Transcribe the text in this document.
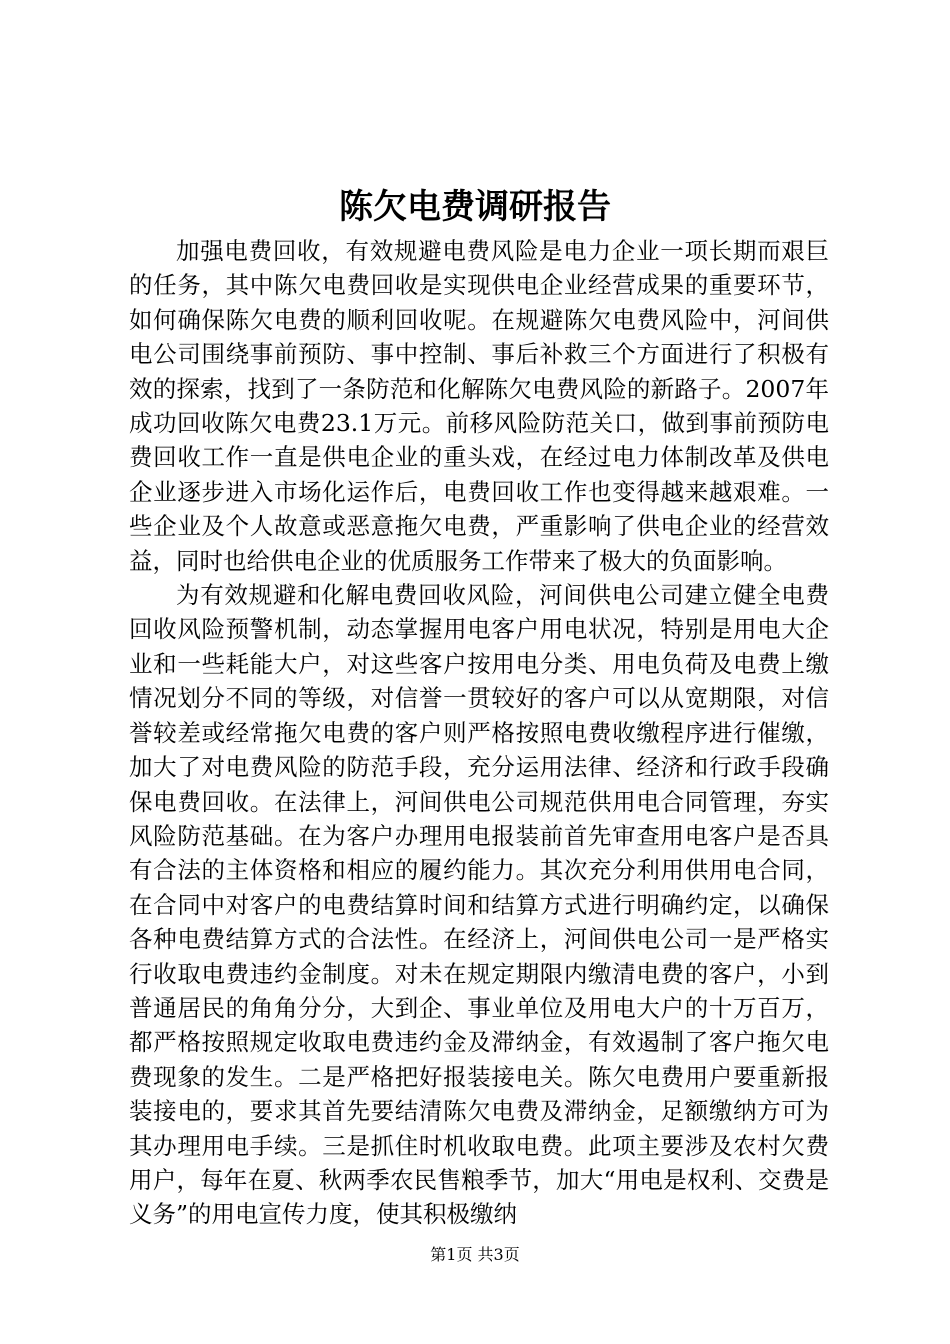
陈欠电费调研报告

加强电费回收，有效规避电费风险是电力企业一项长期而艰巨的任务，其中陈欠电费回收是实现供电企业经营成果的重要环节，如何确保陈欠电费的顺利回收呢。在规避陈欠电费风险中，河间供电公司围绕事前预防、事中控制、事后补救三个方面进行了积极有效的探索，找到了一条防范和化解陈欠电费风险的新路子。2007年成功回收陈欠电费23.1万元。前移风险防范关口，做到事前预防电费回收工作一直是供电企业的重头戏，在经过电力体制改革及供电企业逐步进入市场化运作后，电费回收工作也变得越来越艰难。一些企业及个人故意或恶意拖欠电费，严重影响了供电企业的经营效益，同时也给供电企业的优质服务工作带来了极大的负面影响。

为有效规避和化解电费回收风险，河间供电公司建立健全电费回收风险预警机制，动态掌握用电客户用电状况，特别是用电大企业和一些耗能大户，对这些客户按用电分类、用电负荷及电费上缴情况划分不同的等级，对信誉一贯较好的客户可以从宽期限，对信誉较差或经常拖欠电费的客户则严格按照电费收缴程序进行催缴，加大了对电费风险的防范手段，充分运用法律、经济和行政手段确保电费回收。在法律上，河间供电公司规范供用电合同管理，夯实风险防范基础。在为客户办理用电报装前首先审查用电客户是否具有合法的主体资格和相应的履约能力。其次充分利用供用电合同，在合同中对客户的电费结算时间和结算方式进行明确约定，以确保各种电费结算方式的合法性。在经济上，河间供电公司一是严格实行收取电费违约金制度。对未在规定期限内缴清电费的客户，小到普通居民的角角分分，大到企、事业单位及用电大户的十万百万，都严格按照规定收取电费违约金及滞纳金，有效遏制了客户拖欠电费现象的发生。二是严格把好报装接电关。陈欠电费用户要重新报装接电的，要求其首先要结清陈欠电费及滞纳金，足额缴纳方可为其办理用电手续。三是抓住时机收取电费。此项主要涉及农村欠费用户，每年在夏、秋两季农民售粮季节，加大“用电是权利、交费是义务”的用电宣传力度，使其积极缴纳

第1页 共3页
